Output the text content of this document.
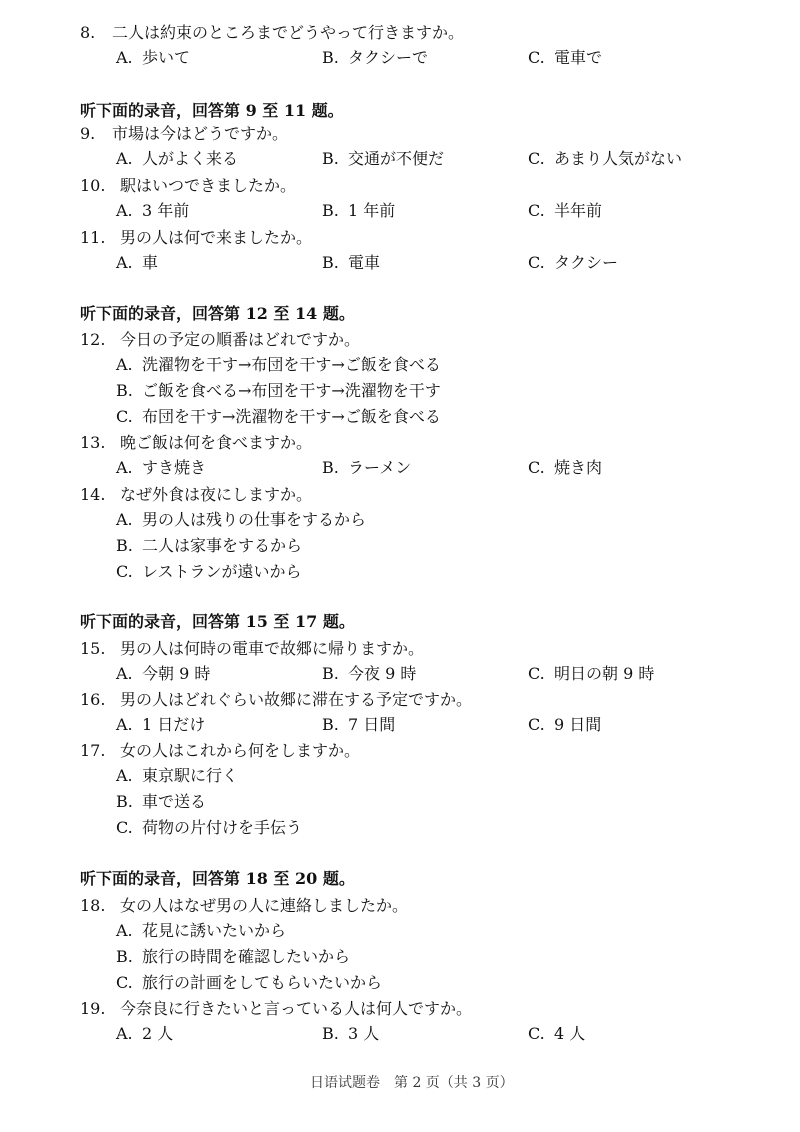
日语试题卷　第 2 页（共 3 页）
8. 二人は約束のところまでどうやって行きますか。
A. 歩いて	B. タクシーで	C. 電車で
听下面的录音，回答第 9 至 11 题。
9. 市場は今はどうですか。
A. 人がよく来る	B. 交通が不便だ	C. あまり人気がない
10. 駅はいつできましたか。
A. 3 年前	B. 1 年前	C. 半年前
11. 男の人は何で来ましたか。
A. 車	B. 電車	C. タクシー
听下面的录音，回答第 12 至 14 题。
12. 今日の予定の順番はどれですか。
A. 洗濯物を干す→布団を干す→ご飯を食べる
B. ご飯を食べる→布団を干す→洗濯物を干す
C. 布団を干す→洗濯物を干す→ご飯を食べる
13. 晩ご飯は何を食べますか。
A. すき焼き	B. ラーメン	C. 焼き肉
14. なぜ外食は夜にしますか。
A. 男の人は残りの仕事をするから
B. 二人は家事をするから
C. レストランが遠いから
听下面的录音，回答第 15 至 17 题。
15. 男の人は何時の電車で故郷に帰りますか。
A. 今朝 9 時	B. 今夜 9 時	C. 明日の朝 9 時
16. 男の人はどれぐらい故郷に滞在する予定ですか。
A. 1 日だけ	B. 7 日間	C. 9 日間
17. 女の人はこれから何をしますか。
A. 東京駅に行く
B. 車で送る
C. 荷物の片付けを手伝う
听下面的录音，回答第 18 至 20 题。
18. 女の人はなぜ男の人に連絡しましたか。
A. 花見に誘いたいから
B. 旅行の時間を確認したいから
C. 旅行の計画をしてもらいたいから
19. 今奈良に行きたいと言っている人は何人ですか。
A. 2 人	B. 3 人	C. 4 人
